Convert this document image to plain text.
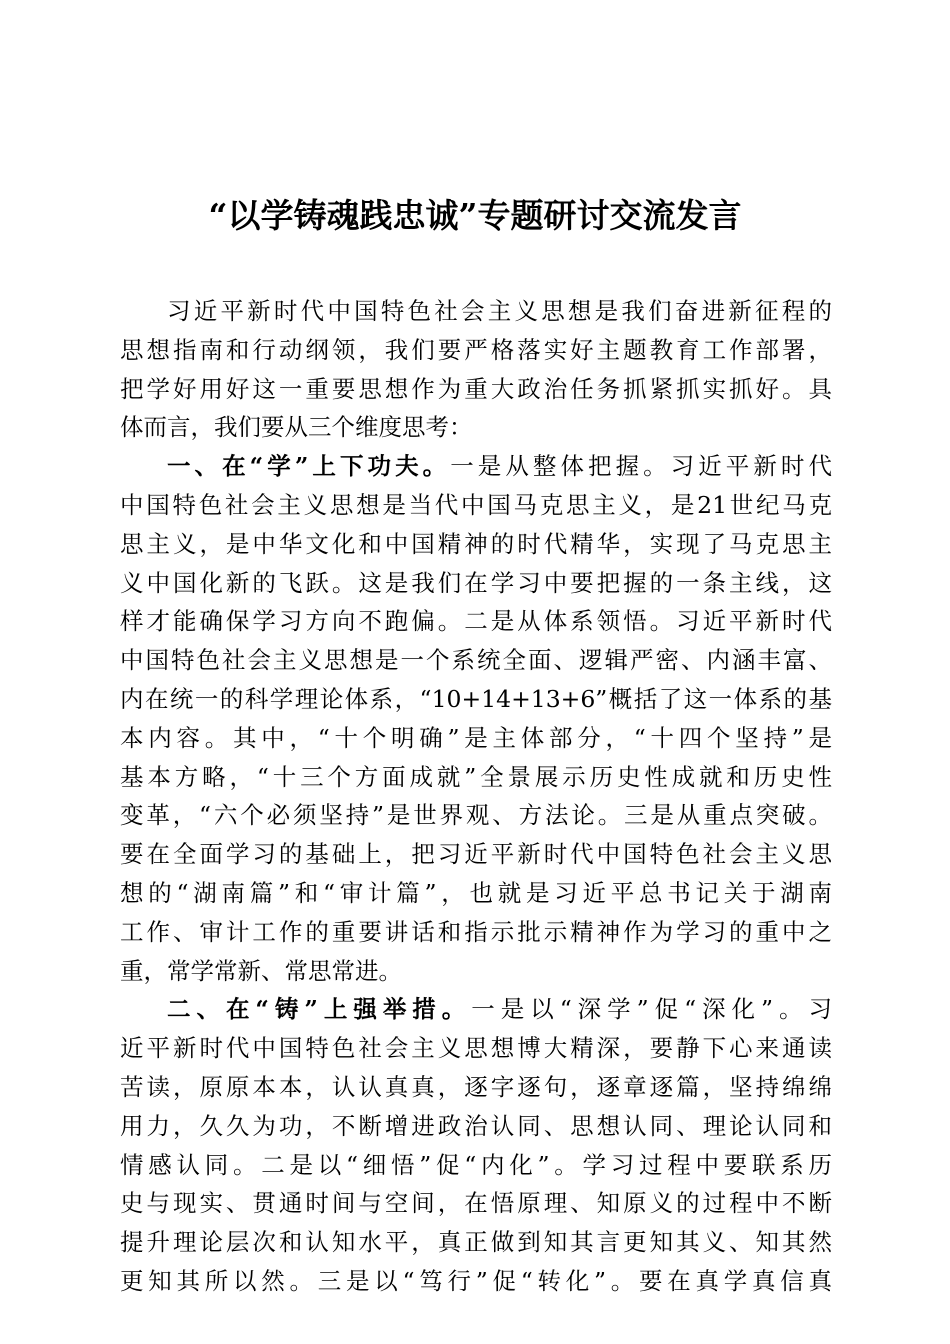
“以学铸魂践忠诚”专题研讨交流发言
习近平新时代中国特色社会主义思想是我们奋进新征程的
思想指南和行动纲领，我们要严格落实好主题教育工作部署，
把学好用好这一重要思想作为重大政治任务抓紧抓实抓好。具
体而言，我们要从三个维度思考：
一、在“学”上下功夫。一是从整体把握。习近平新时代
中国特色社会主义思想是当代中国马克思主义，是21世纪马克
思主义，是中华文化和中国精神的时代精华，实现了马克思主
义中国化新的飞跃。这是我们在学习中要把握的一条主线，这
样才能确保学习方向不跑偏。二是从体系领悟。习近平新时代
中国特色社会主义思想是一个系统全面、逻辑严密、内涵丰富、
内在统一的科学理论体系，“10+14+13+6”概括了这一体系的基
本内容。其中，“十个明确”是主体部分，“十四个坚持”是
基本方略，“十三个方面成就”全景展示历史性成就和历史性
变革，“六个必须坚持”是世界观、方法论。三是从重点突破。
要在全面学习的基础上，把习近平新时代中国特色社会主义思
想的“湖南篇”和“审计篇”，也就是习近平总书记关于湖南
工作、审计工作的重要讲话和指示批示精神作为学习的重中之
重，常学常新、常思常进。
二、在“铸”上强举措。一是以“深学”促“深化”。习
近平新时代中国特色社会主义思想博大精深，要静下心来通读
苦读，原原本本，认认真真，逐字逐句，逐章逐篇，坚持绵绵
用力，久久为功，不断增进政治认同、思想认同、理论认同和
情感认同。二是以“细悟”促“内化”。学习过程中要联系历
史与现实、贯通时间与空间，在悟原理、知原义的过程中不断
提升理论层次和认知水平，真正做到知其言更知其义、知其然
更知其所以然。三是以“笃行”促“转化”。要在真学真信真
